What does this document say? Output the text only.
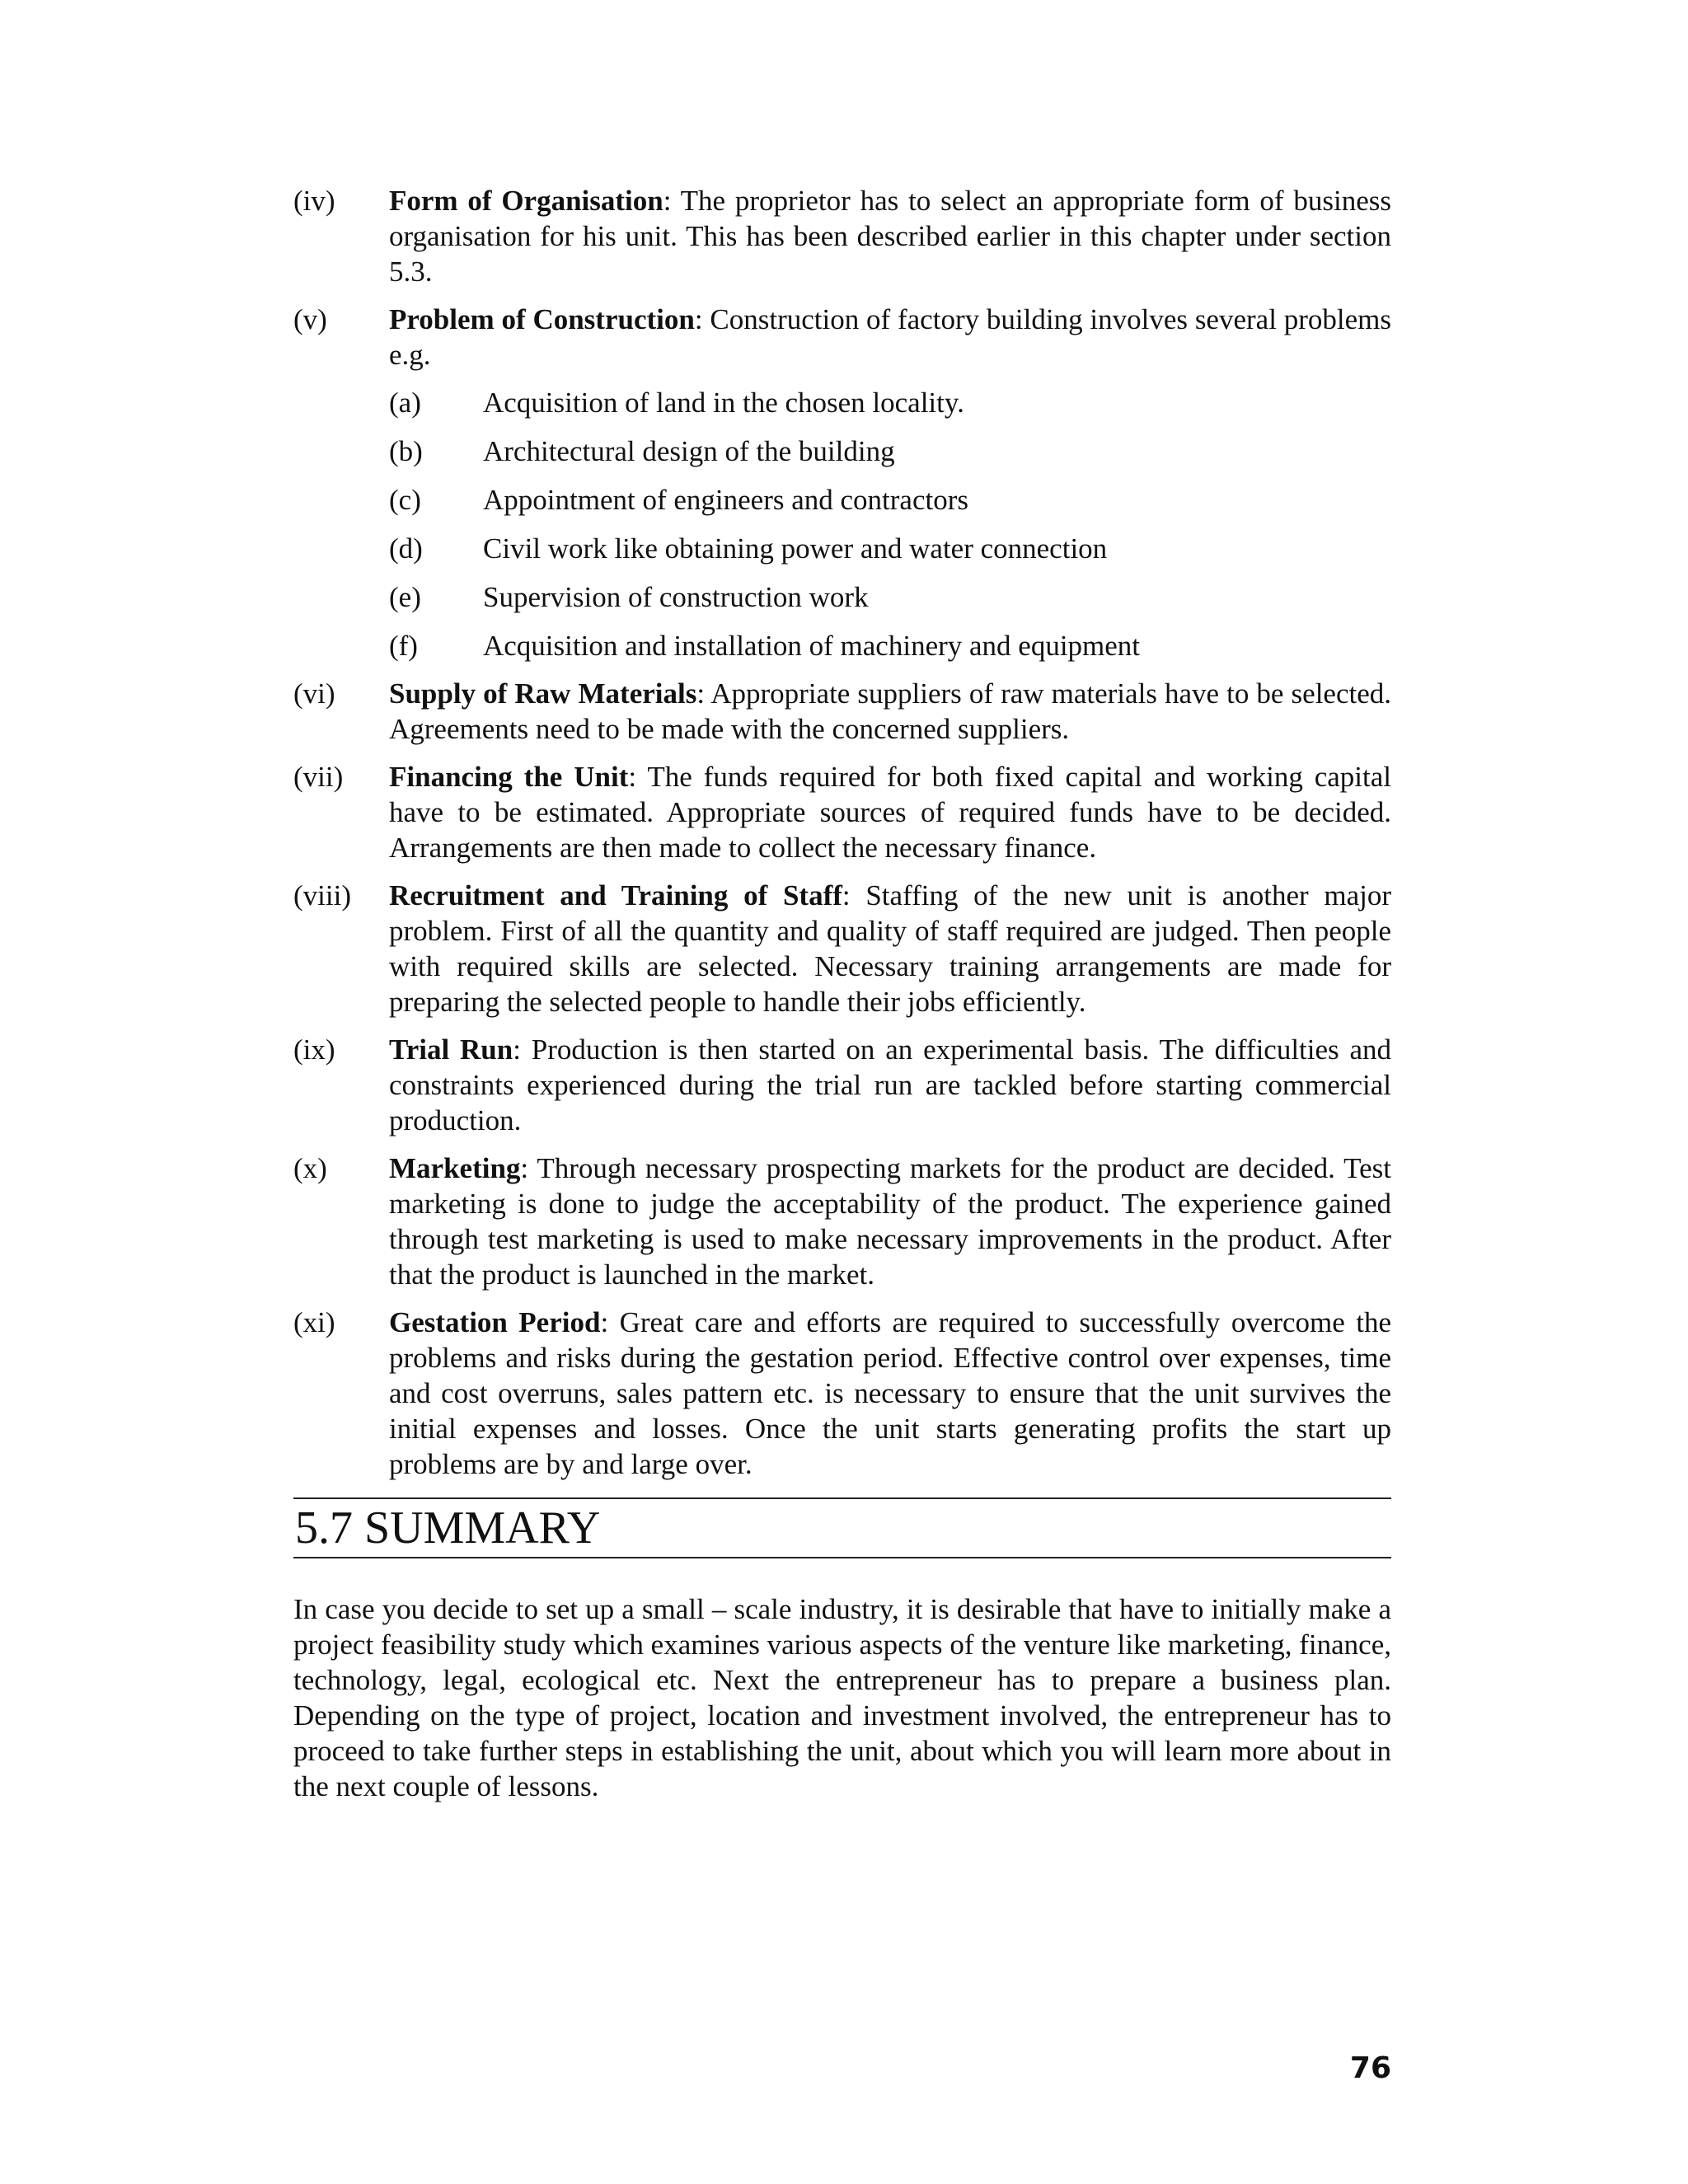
(iv) Form of Organisation: The proprietor has to select an appropriate form of business organisation for his unit. This has been described earlier in this chapter under section 5.3.
(v) Problem of Construction: Construction of factory building involves several problems e.g.
(a) Acquisition of land in the chosen locality.
(b) Architectural design of the building
(c) Appointment of engineers and contractors
(d) Civil work like obtaining power and water connection
(e) Supervision of construction work
(f) Acquisition and installation of machinery and equipment
(vi) Supply of Raw Materials: Appropriate suppliers of raw materials have to be selected. Agreements need to be made with the concerned suppliers.
(vii) Financing the Unit: The funds required for both fixed capital and working capital have to be estimated. Appropriate sources of required funds have to be decided. Arrangements are then made to collect the necessary finance.
(viii) Recruitment and Training of Staff: Staffing of the new unit is another major problem. First of all the quantity and quality of staff required are judged. Then people with required skills are selected. Necessary training arrangements are made for preparing the selected people to handle their jobs efficiently.
(ix) Trial Run: Production is then started on an experimental basis. The difficulties and constraints experienced during the trial run are tackled before starting commercial production.
(x) Marketing: Through necessary prospecting markets for the product are decided. Test marketing is done to judge the acceptability of the product. The experience gained through test marketing is used to make necessary improvements in the product. After that the product is launched in the market.
(xi) Gestation Period: Great care and efforts are required to successfully overcome the problems and risks during the gestation period. Effective control over expenses, time and cost overruns, sales pattern etc. is necessary to ensure that the unit survives the initial expenses and losses. Once the unit starts generating profits the start up problems are by and large over.
5.7 SUMMARY
In case you decide to set up a small – scale industry, it is desirable that have to initially make a project feasibility study which examines various aspects of the venture like marketing, finance, technology, legal, ecological etc. Next the entrepreneur has to prepare a business plan. Depending on the type of project, location and investment involved, the entrepreneur has to proceed to take further steps in establishing the unit, about which you will learn more about in the next couple of lessons.
76
